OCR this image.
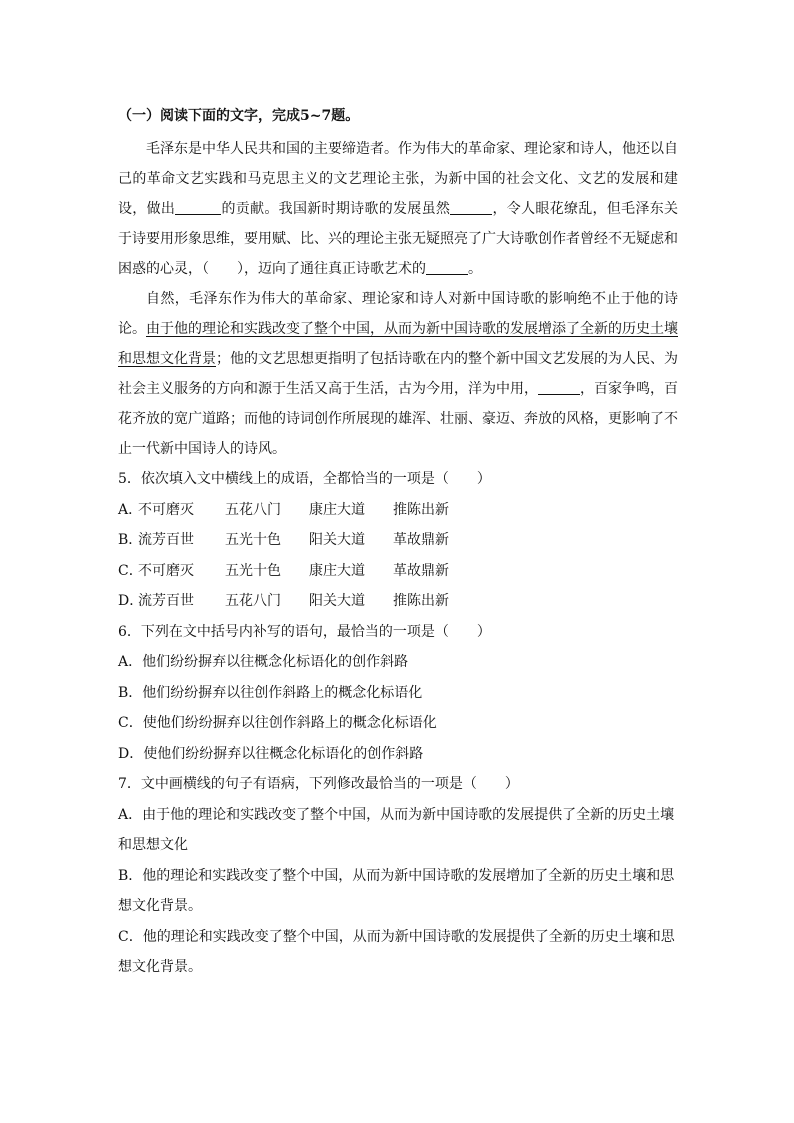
（一）阅读下面的文字，完成5~7题。

毛泽东是中华人民共和国的主要缔造者。作为伟大的革命家、理论家和诗人，他还以自己的革命文艺实践和马克思主义的文艺理论主张，为新中国的社会文化、文艺的发展和建设，做出	的贡献。我国新时期诗歌的发展虽然	，令人眼花缭乱，但毛泽东关于诗要用形象思维，要用赋、比、兴的理论主张无疑照亮了广大诗歌创作者曾经不无疑虑和困惑的心灵，（ ），迈向了通往真正诗歌艺术的	。

自然，毛泽东作为伟大的革命家、理论家和诗人对新中国诗歌的影响绝不止于他的诗论。由于他的理论和实践改变了整个中国，从而为新中国诗歌的发展增添了全新的历史土壤和思想文化背景；他的文艺思想更指明了包括诗歌在内的整个新中国文艺发展的为人民、为社会主义服务的方向和源于生活又高于生活，古为今用，洋为中用，	，百家争鸣，百花齐放的宽广道路；而他的诗词创作所展现的雄浑、壮丽、豪迈、奔放的风格，更影响了不止一代新中国诗人的诗风。

5．依次填入文中横线上的成语，全都恰当的一项是（　　）

A．
不可磨灭	五花八门	康庄大道	推陈出新
B．
流芳百世	五光十色	阳关大道	革故鼎新
C．
不可磨灭	五光十色	康庄大道	革故鼎新
D．
流芳百世	五花八门	阳关大道	推陈出新

6．下列在文中括号内补写的语句，最恰当的一项是（　　）

A．他们纷纷摒弃以往概念化标语化的创作斜路

B．他们纷纷摒弃以往创作斜路上的概念化标语化

C．使他们纷纷摒弃以往创作斜路上的概念化标语化

D．使他们纷纷摒弃以往概念化标语化的创作斜路

7．文中画横线的句子有语病，下列修改最恰当的一项是（　　）

A．由于他的理论和实践改变了整个中国，从而为新中国诗歌的发展提供了全新的历史土壤和思想文化

B．他的理论和实践改变了整个中国，从而为新中国诗歌的发展增加了全新的历史土壤和思想文化背景。

C．他的理论和实践改变了整个中国，从而为新中国诗歌的发展提供了全新的历史土壤和思想文化背景。
